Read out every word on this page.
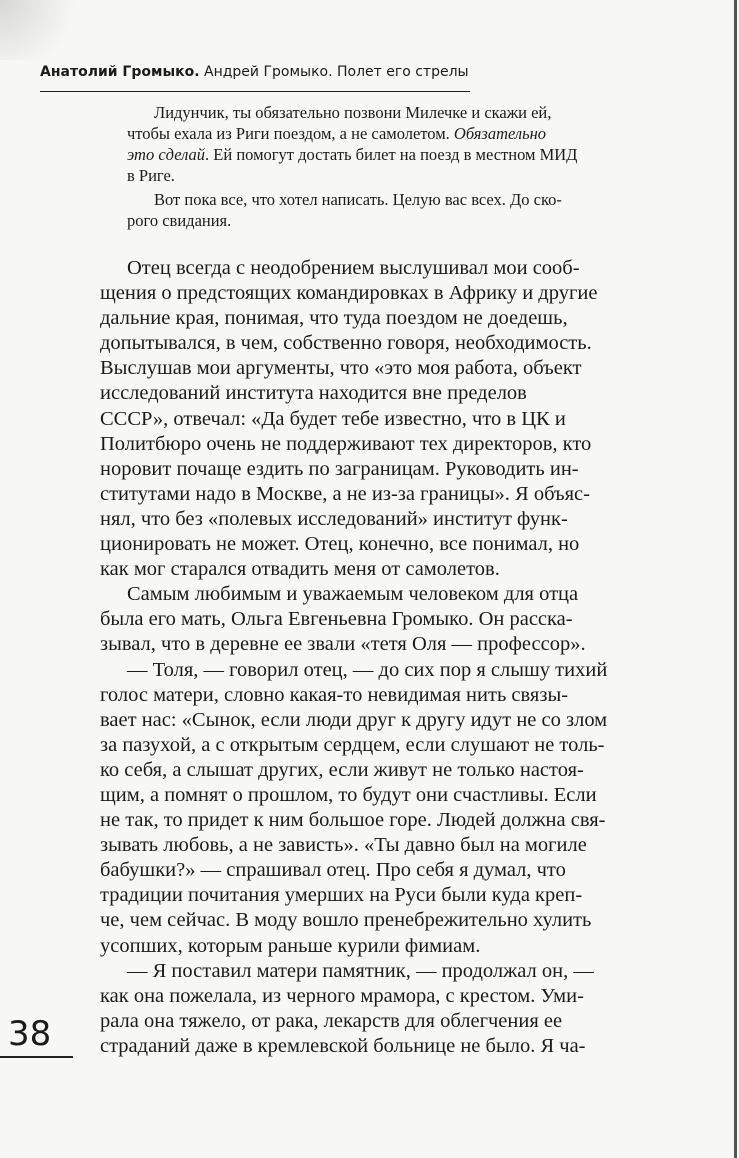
Анатолий Громыко. Андрей Громыко. Полет его стрелы
Лидунчик, ты обязательно позвони Милечке и скажи ей,
чтобы ехала из Риги поездом, а не самолетом. Обязательно
это сделай. Ей помогут достать билет на поезд в местном МИД
в Риге.
Вот пока все, что хотел написать. Целую вас всех. До ско-
рого свидания.
Отец всегда с неодобрением выслушивал мои сооб-
щения о предстоящих командировках в Африку и другие
дальние края, понимая, что туда поездом не доедешь,
допытывался, в чем, собственно говоря, необходимость.
Выслушав мои аргументы, что «это моя работа, объект
исследований института находится вне пределов
СССР», отвечал: «Да будет тебе известно, что в ЦК и
Политбюро очень не поддерживают тех директоров, кто
норовит почаще ездить по заграницам. Руководить ин-
ститутами надо в Москве, а не из-за границы». Я объяс-
нял, что без «полевых исследований» институт функ-
ционировать не может. Отец, конечно, все понимал, но
как мог старался отвадить меня от самолетов.
Самым любимым и уважаемым человеком для отца
была его мать, Ольга Евгеньевна Громыко. Он расска-
зывал, что в деревне ее звали «тетя Оля — профессор».
— Толя, — говорил отец, — до сих пор я слышу тихий
голос матери, словно какая-то невидимая нить связы-
вает нас: «Сынок, если люди друг к другу идут не со злом
за пазухой, а с открытым сердцем, если слушают не толь-
ко себя, а слышат других, если живут не только настоя-
щим, а помнят о прошлом, то будут они счастливы. Если
не так, то придет к ним большое горе. Людей должна свя-
зывать любовь, а не зависть». «Ты давно был на могиле
бабушки?» — спрашивал отец. Про себя я думал, что
традиции почитания умерших на Руси были куда креп-
че, чем сейчас. В моду вошло пренебрежительно хулить
усопших, которым раньше курили фимиам.
— Я поставил матери памятник, — продолжал он, —
как она пожелала, из черного мрамора, с крестом. Уми-
рала она тяжело, от рака, лекарств для облегчения ее
страданий даже в кремлевской больнице не было. Я ча-
38
